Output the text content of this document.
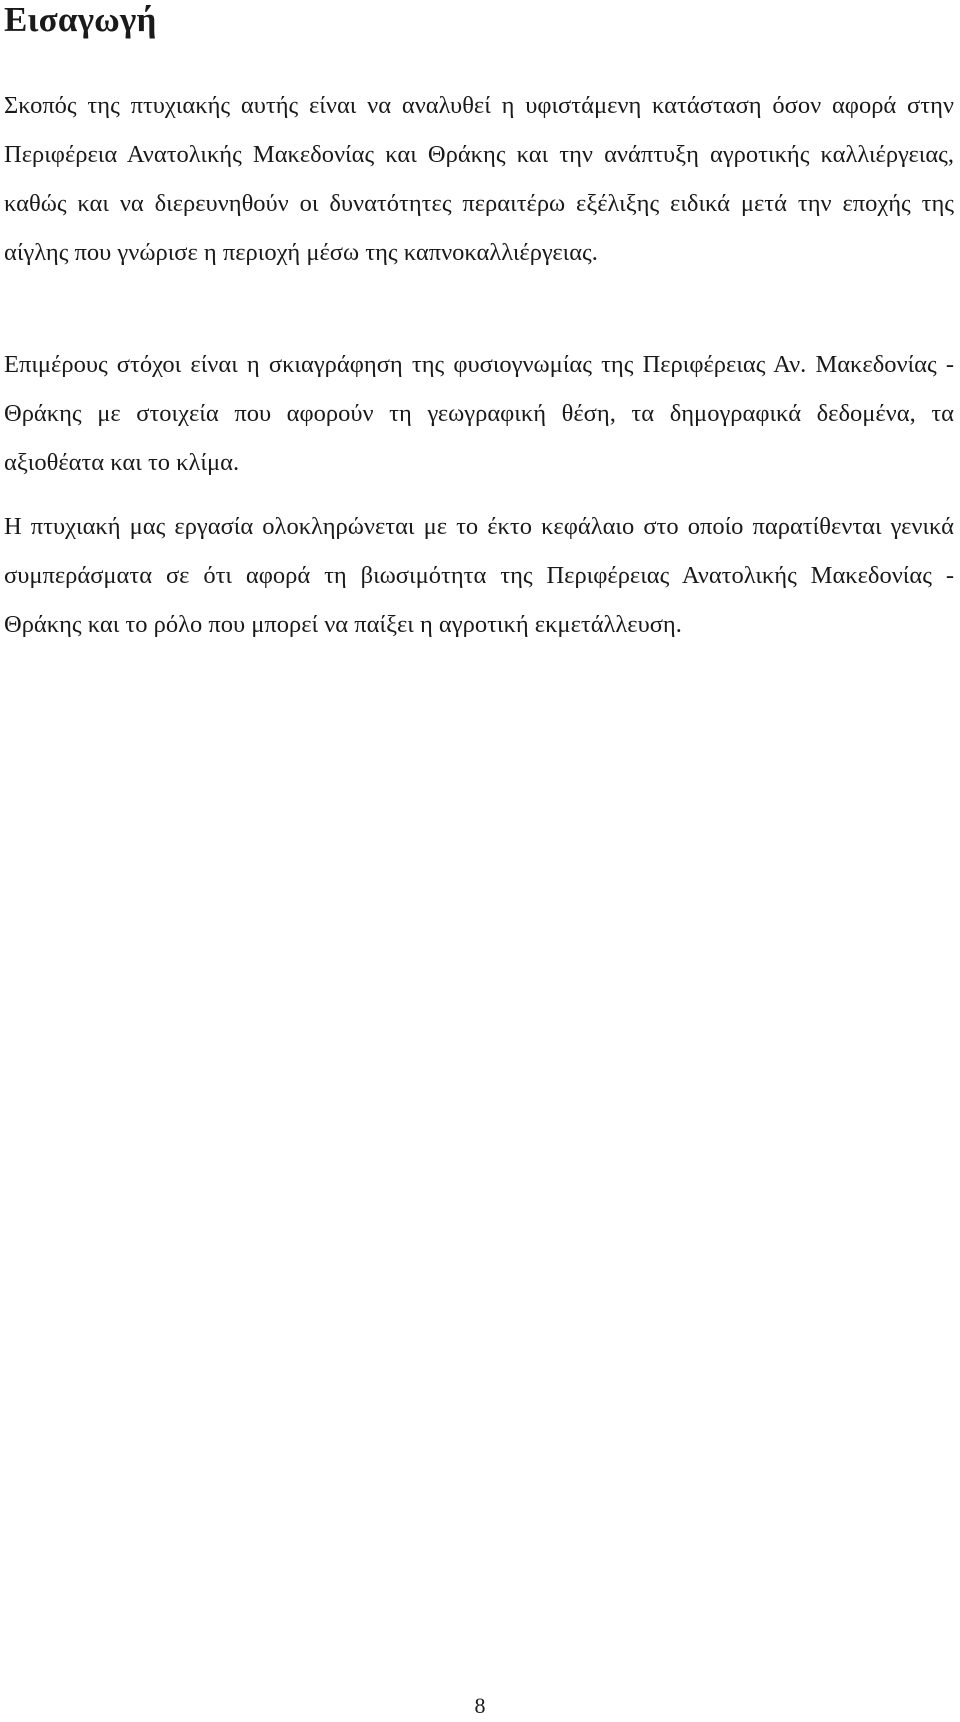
Εισαγωγή

Σκοπός της πτυχιακής αυτής είναι να αναλυθεί η υφιστάμενη κατάσταση όσον αφορά στην Περιφέρεια Ανατολικής Μακεδονίας και Θράκης και την ανάπτυξη αγροτικής καλλιέργειας, καθώς και να διερευνηθούν οι δυνατότητες περαιτέρω εξέλιξης ειδικά μετά την εποχής της αίγλης που γνώρισε η περιοχή μέσω της καπνοκαλλιέργειας.

Επιμέρους στόχοι είναι η σκιαγράφηση της φυσιογνωμίας της Περιφέρειας Αν. Μακεδονίας - Θράκης με στοιχεία που αφορούν τη γεωγραφική θέση, τα δημογραφικά δεδομένα, τα αξιοθέατα και το κλίμα.

Η πτυχιακή μας εργασία ολοκληρώνεται με το έκτο κεφάλαιο στο οποίο παρατίθενται γενικά συμπεράσματα σε ότι αφορά τη βιωσιμότητα της Περιφέρειας Ανατολικής Μακεδονίας - Θράκης και το ρόλο που μπορεί να παίξει η αγροτική εκμετάλλευση.

8
